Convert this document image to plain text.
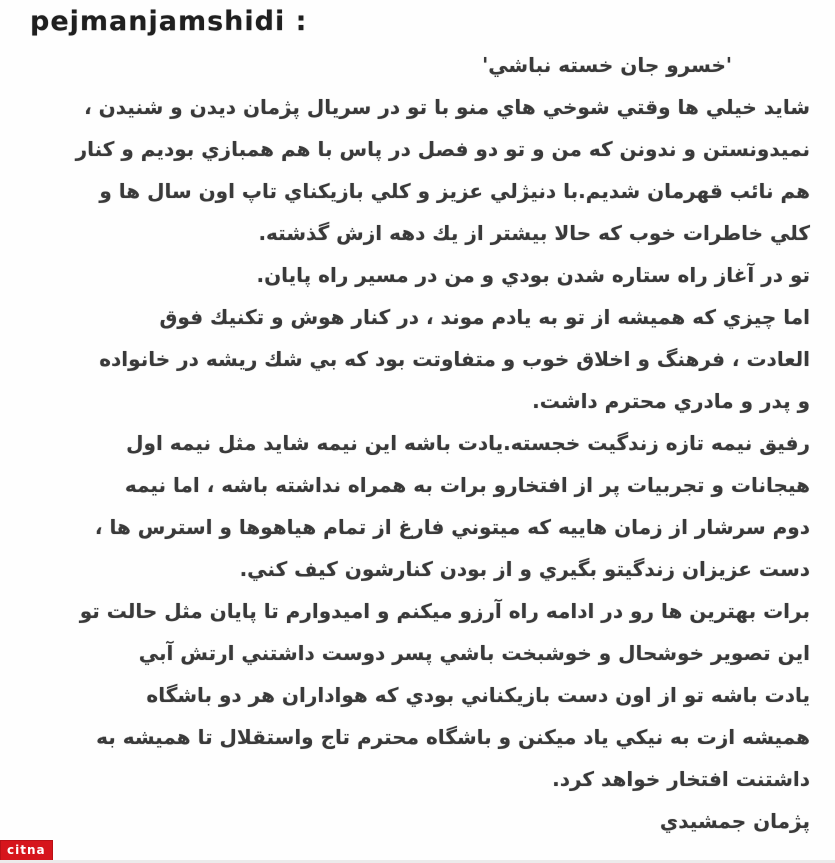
pejmanjamshidi :
'خسرو جان خسته نباشي'
شايد خيلي ها وقتي شوخي هاي منو با تو در سريال پژمان ديدن و شنيدن ،
نميدونستن و ندونن كه من و تو دو فصل در پاس با هم همبازي بوديم و كنار
هم نائب قهرمان شديم.با دنيژلي عزيز و كلي بازيكناي تاپ اون سال ها و
كلي خاطرات خوب كه حالا بيشتر از يك دهه ازش گذشته.
تو در آغاز راه ستاره شدن بودي و من در مسير راه پايان.
اما چيزي كه هميشه از تو به يادم موند ، در كنار هوش و تكنيك فوق
العادت ، فرهنگ و اخلاق خوب و متفاوتت بود كه بي شك ريشه در خانواده
و پدر و مادري محترم داشت.
رفيق نيمه تازه زندگيت خجسته.يادت باشه اين نيمه شايد مثل نيمه اول
هيجانات و تجربيات پر از افتخارو برات به همراه نداشته باشه ، اما نيمه
دوم سرشار از زمان هاييه كه ميتوني فارغ از تمام هياهوها و استرس ها ،
دست عزيزان زندگيتو بگيري و از بودن كنارشون كيف كني.
برات بهترين ها رو در ادامه راه آرزو ميكنم و اميدوارم تا پايان مثل حالت تو
اين تصوير خوشحال و خوشبخت باشي پسر دوست داشتني ارتش آبي
يادت باشه تو از اون دست بازيكناني بودي كه هواداران هر دو باشگاه
هميشه ازت به نيكي ياد ميكنن و باشگاه محترم تاج واستقلال تا هميشه به
داشتنت افتخار خواهد كرد.
پژمان جمشيدي
citna
